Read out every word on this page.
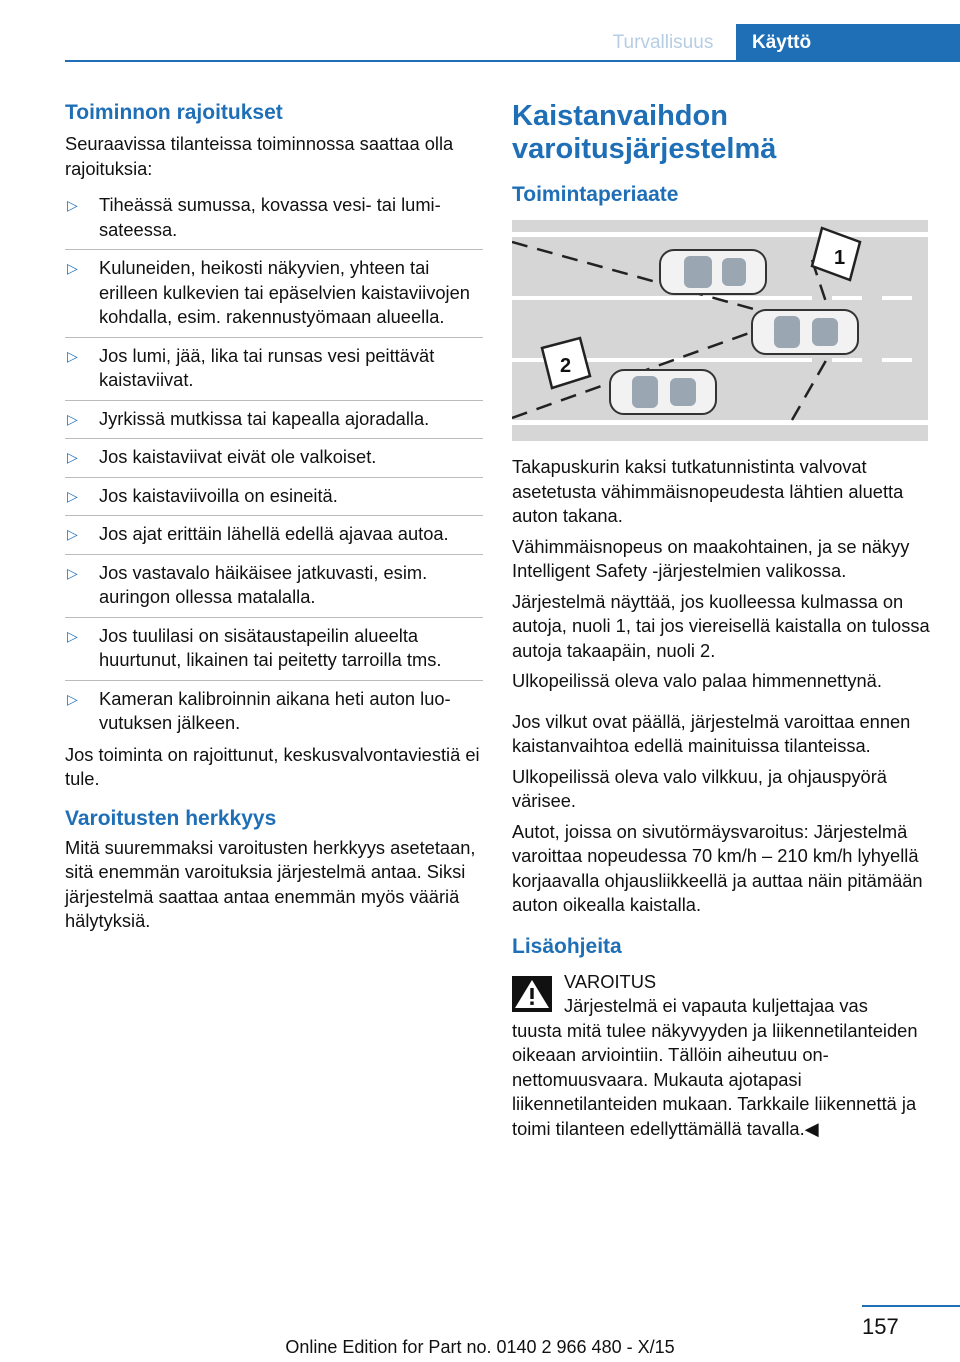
Turvallisuus	Käyttö
Toiminnon rajoitukset

Seuraavissa tilanteissa toiminnossa saattaa olla rajoituksia:

▷ Tiheässä sumussa, kovassa vesi- tai lumisateessa.
▷ Kuluneiden, heikosti näkyvien, yhteen tai erilleen kulkevien tai epäselvien kaistaviivojen kohdalla, esim. rakennustyömaan alueella.
▷ Jos lumi, jää, lika tai runsas vesi peittävät kaistaviivat.
▷ Jyrkissä mutkissa tai kapealla ajoradalla.
▷ Jos kaistaviivat eivät ole valkoiset.
▷ Jos kaistaviivoilla on esineitä.
▷ Jos ajat erittäin lähellä edellä ajavaa autoa.
▷ Jos vastavalo häikäisee jatkuvasti, esim. auringon ollessa matalalla.
▷ Jos tuulilasi on sisätaustapeilin alueelta huurtunut, likainen tai peitetty tarroilla tms.
▷ Kameran kalibroinnin aikana heti auton luovutuksen jälkeen.

Jos toiminta on rajoittunut, keskusvalvontaviestiä ei tule.

Varoitusten herkkyys

Mitä suuremmaksi varoitusten herkkyys asetetaan, sitä enemmän varoituksia järjestelmä antaa. Siksi järjestelmä saattaa antaa enemmän myös vääriä hälytyksiä.

Kaistanvaihdon varoitusjärjestelmä
Toimintaperiaate
1
2

Takapuskurin kaksi tutkatunnistinta valvovat asetetusta vähimmäisnopeudesta lähtien aluetta auton takana.

Vähimmäisnopeus on maakohtainen, ja se näkyy Intelligent Safety -järjestelmien valikossa.

Järjestelmä näyttää, jos kuolleessa kulmassa on autoja, nuoli 1, tai jos viereisellä kaistalla on tulossa autoja takaapäin, nuoli 2.

Ulkopeilissä oleva valo palaa himmennettynä.

Jos vilkut ovat päällä, järjestelmä varoittaa ennen kaistanvaihtoa edellä mainituissa tilanteissa.

Ulkopeilissä oleva valo vilkkuu, ja ohjauspyörä värisee.

Autot, joissa on sivutörmäysvaroitus: Järjestelmä varoittaa nopeudessa 70 km/h – 210 km/h lyhyellä korjaavalla ohjausliikkeellä ja auttaa näin pitämään auton oikealla kaistalla.

Lisäohjeita

VAROITUS

Järjestelmä ei vapauta kuljettajaa vas

tuusta mitä tulee näkyvyyden ja liikennetilanteiden oikeaan arviointiin. Tällöin aiheutuu onnettomuusvaara. Mukauta ajotapasi liikennetilanteiden mukaan. Tarkkaile liikennettä ja toimi tilanteen edellyttämällä tavalla.◀

157
Online Edition for Part no. 0140 2 966 480 - X/15
